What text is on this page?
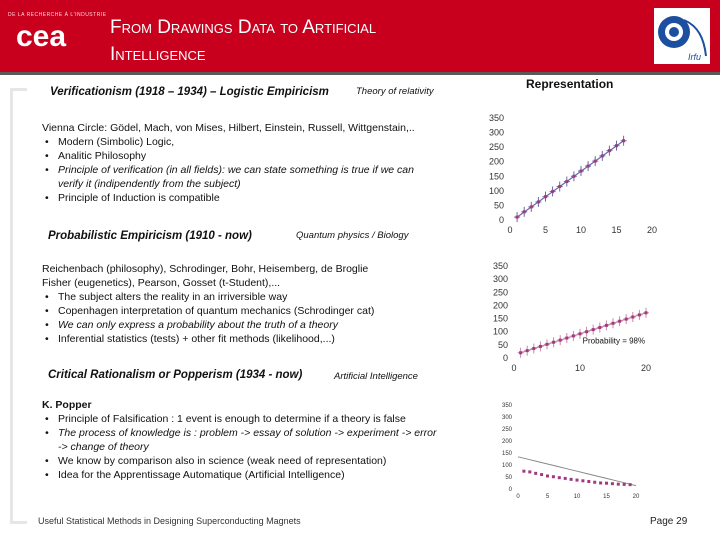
DE LA RECHERCHE À L'INDUSTRIE
cea From Drawings Data to Artificial
Intelligence	Irfu
Representation
Verificationism (1918 – 1934) – Logistic Empiricism	Theory of relativity
Vienna Circle: Gödel, Mach, von Mises, Hilbert, Einstein, Russell, Wittgenstain,..
• Modern (Simbolic) Logic,
• Analitic Philosophy
• Principle of verification (in all fields): we can state something is true if we can verify it (indipendently from the subject)
• Principle of Induction is compatible
Probabilistic Empiricism (1910 - now)	Quantum physics / Biology
Reichenbach (philosophy), Schrodinger, Bohr, Heisemberg, de Broglie
Fisher (eugenetics), Pearson, Gosset (t-Student),...
• The subject alters the reality in an irriversible way
• Copenhagen interpretation of quantum mechanics (Schrodinger cat)
• We can only express a probability about the truth of a theory
• Inferential statistics (tests) + other fit methods (likelihood,...)
Critical Rationalism or Popperism (1934 - now)	Artificial Intelligence
K. Popper
• Principle of Falsification : 1 event is enough to determine if a theory is false
• The process of knowledge is : problem -> essay of solution -> experiment -> error -> change of theory
• We know by comparison also in science (weak need of representation)
• Idea for the Apprentissage Automatique (Artificial Intelligence)
0
50
100
150
200
250
300
350
0	5	10	15	20
0
50
100
150
200
250
300
350
0	10	20
Probability = 98%
0
50
100
150
200
250
300
350
0	5	10	15	20
Useful Statistical Methods in Designing Superconducting Magnets	Page 29
